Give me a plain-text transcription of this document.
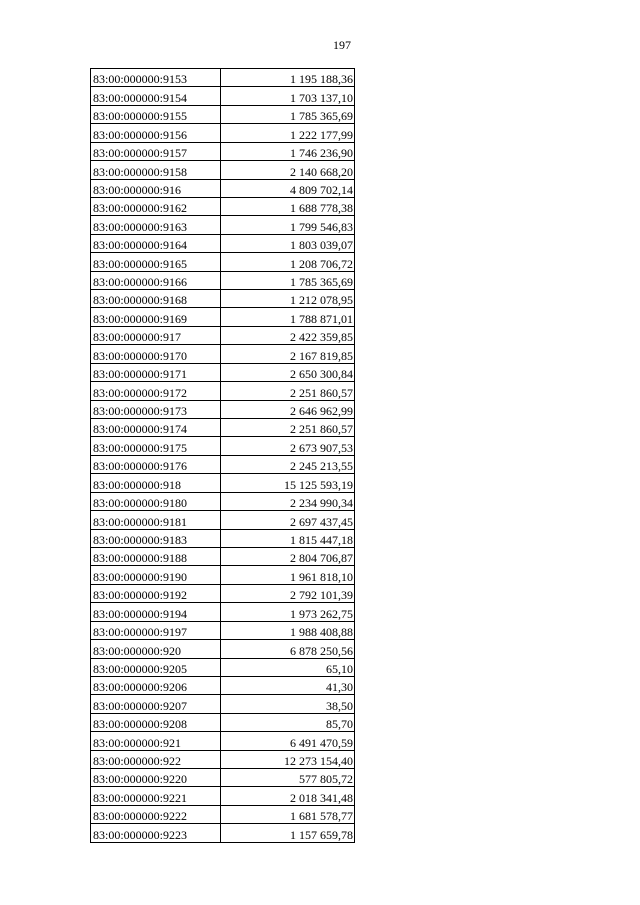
197
83:00:000000:9153	1 195 188,36
83:00:000000:9154	1 703 137,10
83:00:000000:9155	1 785 365,69
83:00:000000:9156	1 222 177,99
83:00:000000:9157	1 746 236,90
83:00:000000:9158	2 140 668,20
83:00:000000:916	4 809 702,14
83:00:000000:9162	1 688 778,38
83:00:000000:9163	1 799 546,83
83:00:000000:9164	1 803 039,07
83:00:000000:9165	1 208 706,72
83:00:000000:9166	1 785 365,69
83:00:000000:9168	1 212 078,95
83:00:000000:9169	1 788 871,01
83:00:000000:917	2 422 359,85
83:00:000000:9170	2 167 819,85
83:00:000000:9171	2 650 300,84
83:00:000000:9172	2 251 860,57
83:00:000000:9173	2 646 962,99
83:00:000000:9174	2 251 860,57
83:00:000000:9175	2 673 907,53
83:00:000000:9176	2 245 213,55
83:00:000000:918	15 125 593,19
83:00:000000:9180	2 234 990,34
83:00:000000:9181	2 697 437,45
83:00:000000:9183	1 815 447,18
83:00:000000:9188	2 804 706,87
83:00:000000:9190	1 961 818,10
83:00:000000:9192	2 792 101,39
83:00:000000:9194	1 973 262,75
83:00:000000:9197	1 988 408,88
83:00:000000:920	6 878 250,56
83:00:000000:9205	65,10
83:00:000000:9206	41,30
83:00:000000:9207	38,50
83:00:000000:9208	85,70
83:00:000000:921	6 491 470,59
83:00:000000:922	12 273 154,40
83:00:000000:9220	577 805,72
83:00:000000:9221	2 018 341,48
83:00:000000:9222	1 681 578,77
83:00:000000:9223	1 157 659,78
